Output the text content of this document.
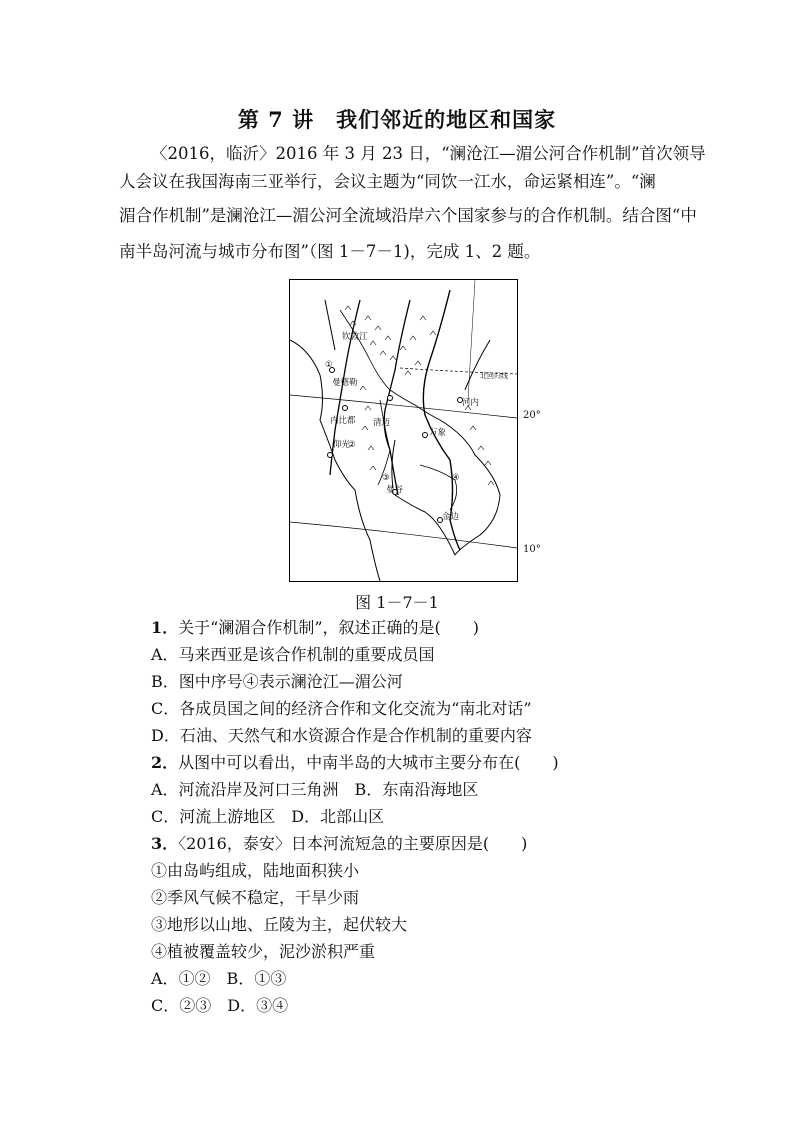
第 7 讲　我们邻近的地区和国家
〈2016，临沂〉2016 年 3 月 23 日，“澜沧江—湄公河合作机制”首次领导
人会议在我国海南三亚举行，会议主题为“同饮一江水，命运紧相连”。“澜
湄合作机制”是澜沧江—湄公河全流域沿岸六个国家参与的合作机制。结合图“中
南半岛河流与城市分布图”（图 1－7－1)，完成 1、2 题。
钦敦江
曼德勒
内比都
仰光
清迈
万象
河内
北回归线
曼谷
金边
①
②
③	④
20°
10°
图 1－7－1
1．关于“澜湄合作机制”，叙述正确的是(　　)
A．马来西亚是该合作机制的重要成员国
B．图中序号④表示澜沧江—湄公河
C．各成员国之间的经济合作和文化交流为“南北对话”
D．石油、天然气和水资源合作是合作机制的重要内容
2．从图中可以看出，中南半岛的大城市主要分布在(　　)
A．河流沿岸及河口三角洲　B．东南沿海地区
C．河流上游地区　D．北部山区
3．〈2016，泰安〉日本河流短急的主要原因是(　　)
①由岛屿组成，陆地面积狭小
②季风气候不稳定，干旱少雨
③地形以山地、丘陵为主，起伏较大
④植被覆盖较少，泥沙淤积严重
A．①②　B．①③
C．②③　D．③④
